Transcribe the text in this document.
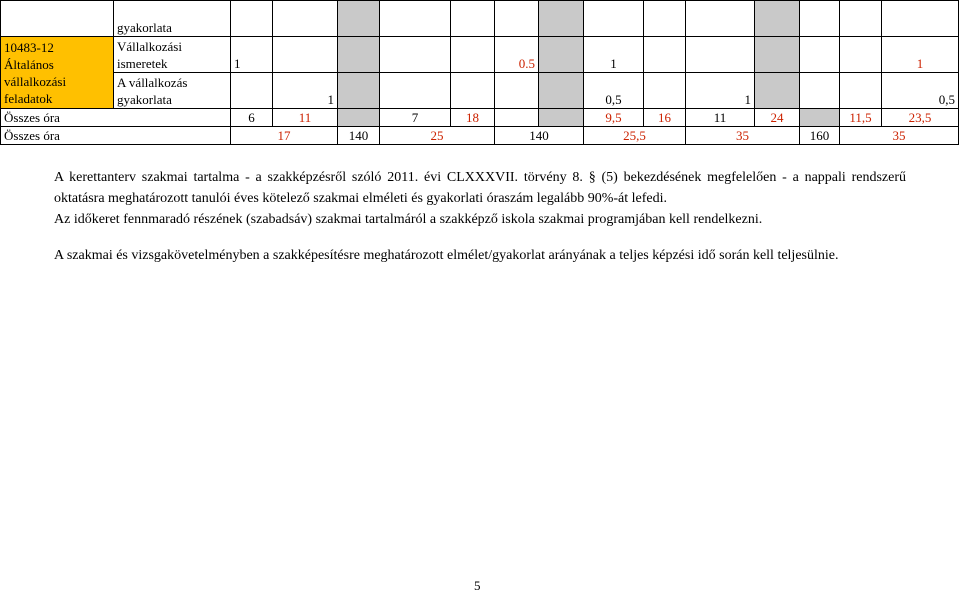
	gyakorlata														

10483-12
Általános
vállalkozási
feladatok	Vállalkozási
ismeretek	1					0.5		1						1

	A vállalkozás
gyakorlata		1						0,5		1				0,5
Összes óra		6	11		7	18			9,5	16	11	24		11,5	23,5
Összes óra		17		140	25		140		25,5		35		160	35	
A kerettanterv szakmai tartalma - a szakképzésről szóló 2011. évi CLXXXVII. törvény 8. § (5) bekezdésének megfelelően - a nappali rendszerű oktatásra meghatározott tanulói éves kötelező szakmai elméleti és gyakorlati óraszám legalább 90%-át lefedi.
Az időkeret fennmaradó részének (szabadsáv) szakmai tartalmáról a szakképző iskola szakmai programjában kell rendelkezni.
A szakmai és vizsgakövetelményben a szakképesítésre meghatározott elmélet/gyakorlat arányának a teljes képzési idő során kell teljesülnie.
5
